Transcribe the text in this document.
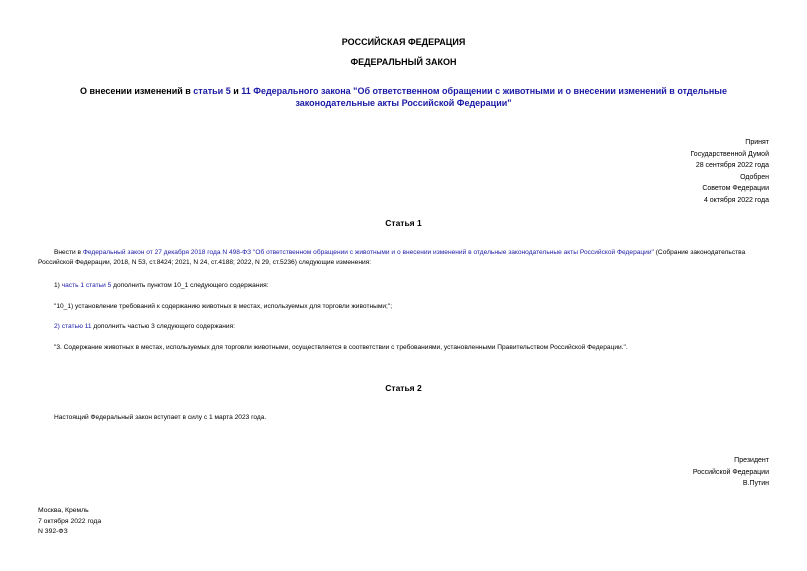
РОССИЙСКАЯ ФЕДЕРАЦИЯ
ФЕДЕРАЛЬНЫЙ ЗАКОН
О внесении изменений в статьи 5 и 11 Федерального закона "Об ответственном обращении с животными и о внесении изменений в отдельные законодательные акты Российской Федерации"
Принят
Государственной Думой
28 сентября 2022 года
Одобрен
Советом Федерации
4 октября 2022 года
Статья 1
Внести в Федеральный закон от 27 декабря 2018 года N 498-ФЗ "Об ответственном обращении с животными и о внесении изменений в отдельные законодательные акты Российской Федерации" (Собрание законодательства Российской Федерации, 2018, N 53, ст.8424; 2021, N 24, ст.4188; 2022, N 29, ст.5236) следующие изменения:
1) часть 1 статьи 5 дополнить пунктом 10_1 следующего содержания:
"10_1) установление требований к содержанию животных в местах, используемых для торговли животными;";
2) статью 11 дополнить частью 3 следующего содержания:
"3. Содержание животных в местах, используемых для торговли животными, осуществляется в соответствии с требованиями, установленными Правительством Российской Федерации.".
Статья 2
Настоящий Федеральный закон вступает в силу с 1 марта 2023 года.
Президент
Российской Федерации
В.Путин
Москва, Кремль
7 октября 2022 года
N 392-ФЗ
